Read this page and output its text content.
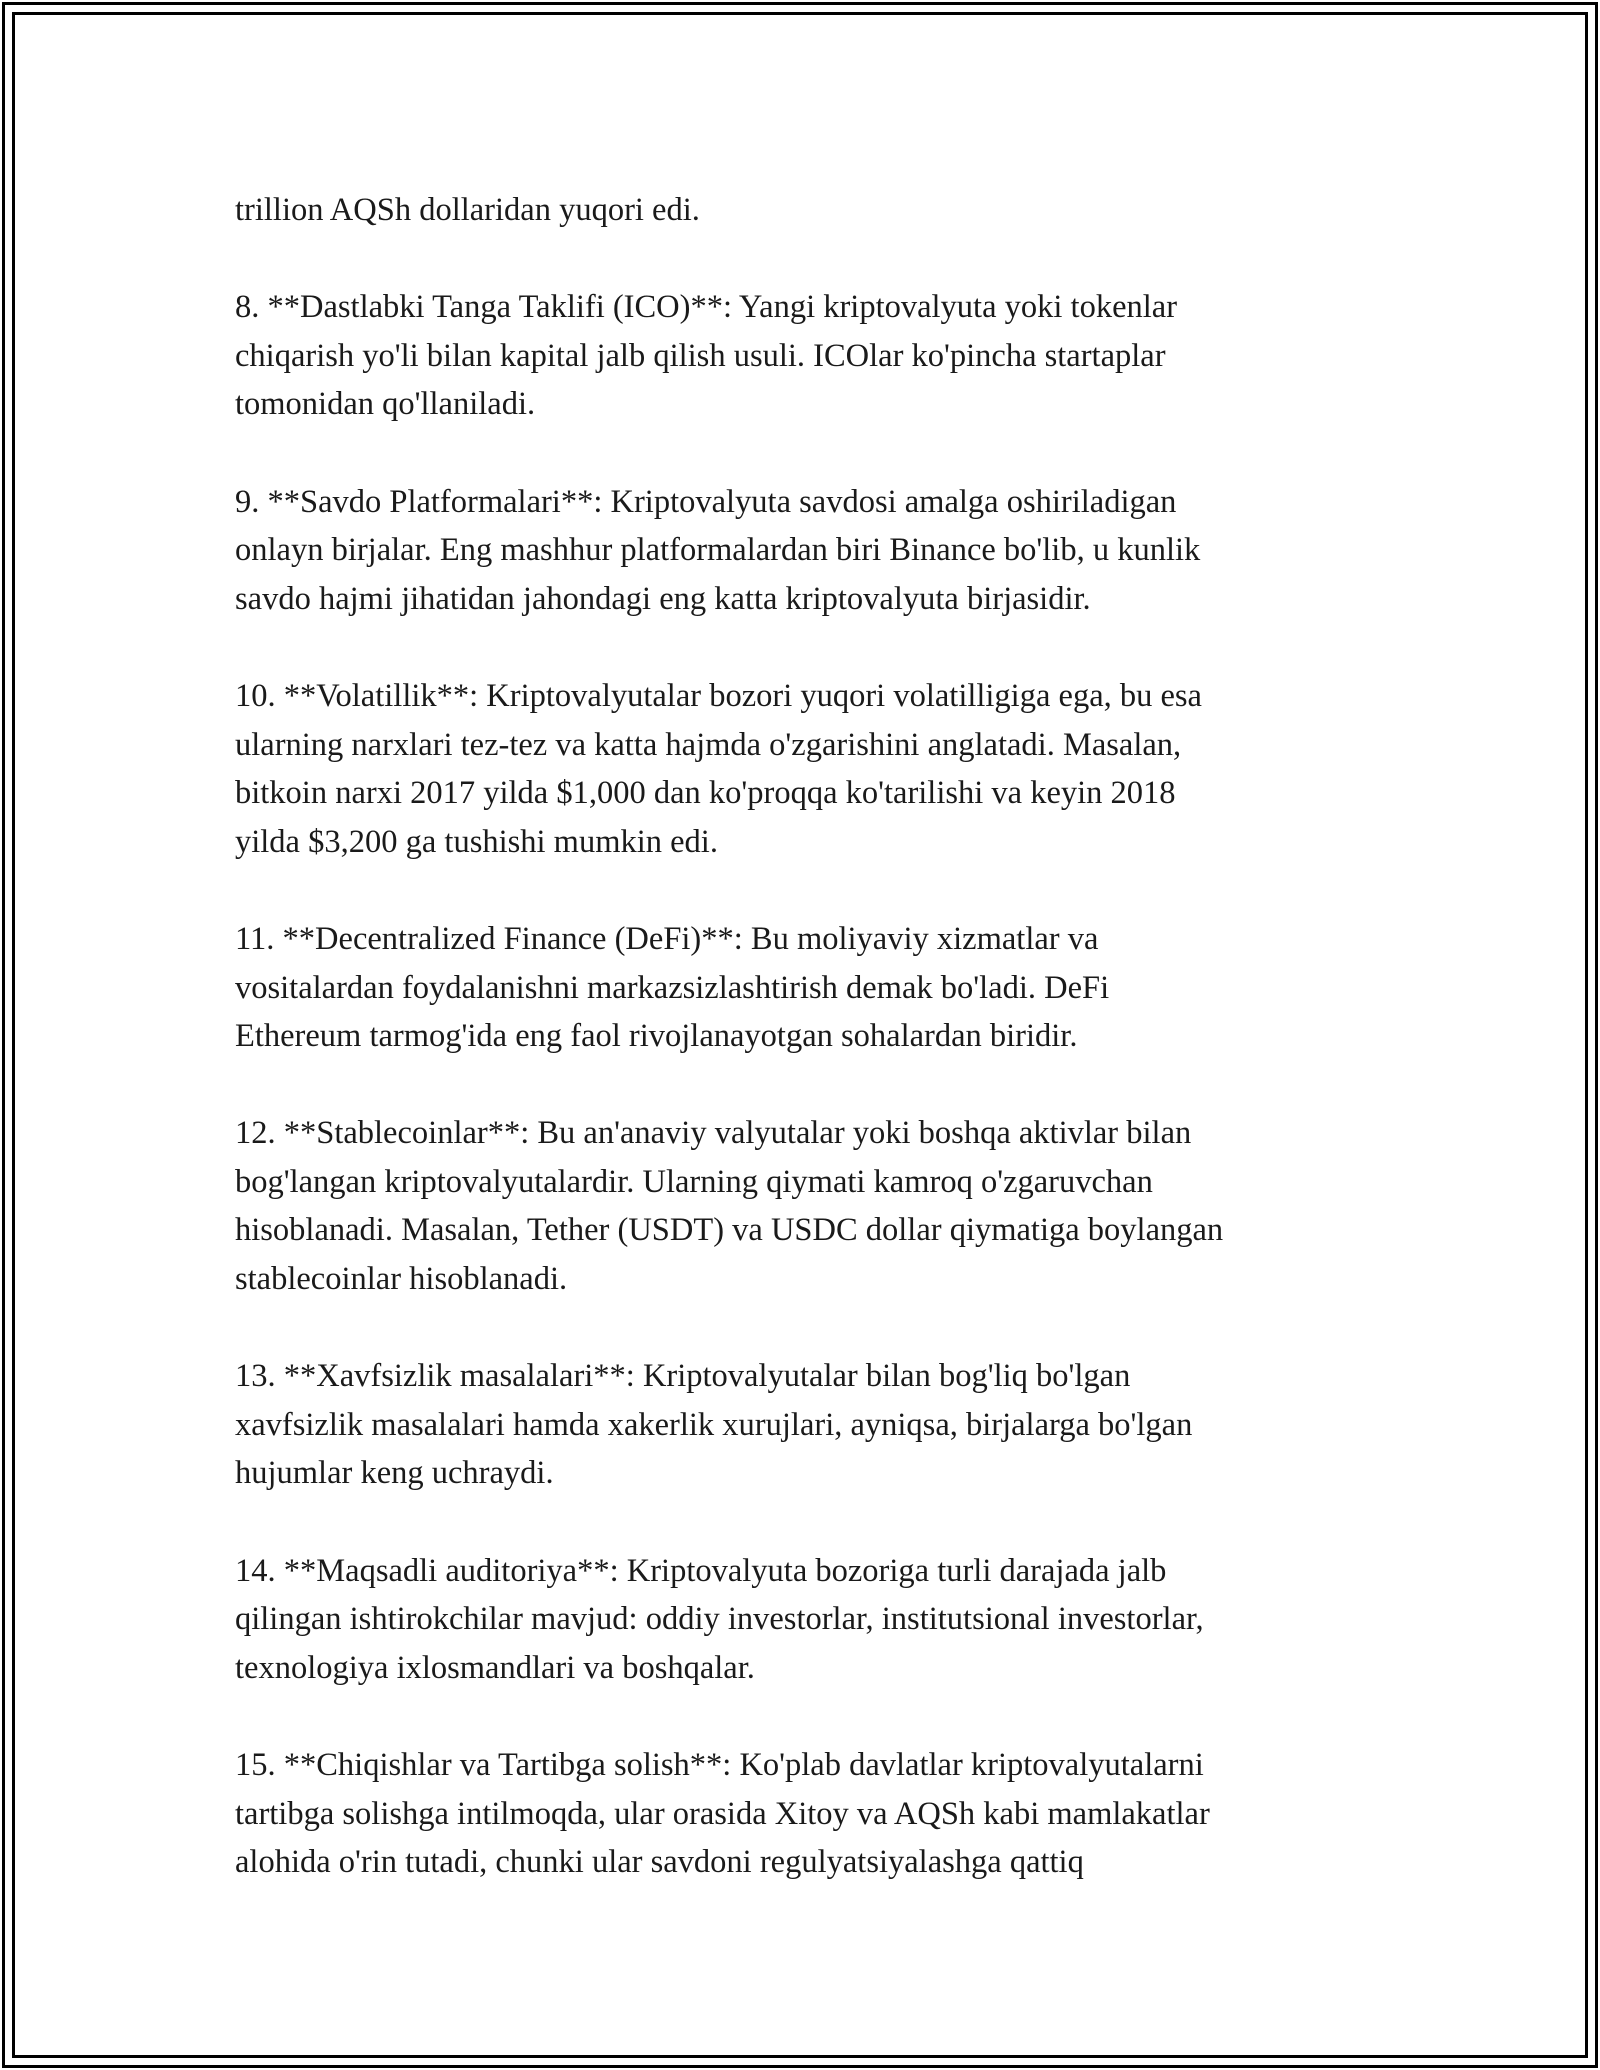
trillion AQSh dollaridan yuqori edi.

8. **Dastlabki Tanga Taklifi (ICO)**: Yangi kriptovalyuta yoki tokenlar
chiqarish yo'li bilan kapital jalb qilish usuli. ICOlar ko'pincha startaplar
tomonidan qo'llaniladi.

9. **Savdo Platformalari**: Kriptovalyuta savdosi amalga oshiriladigan
onlayn birjalar. Eng mashhur platformalardan biri Binance bo'lib, u kunlik
savdo hajmi jihatidan jahondagi eng katta kriptovalyuta birjasidir.

10. **Volatillik**: Kriptovalyutalar bozori yuqori volatilligiga ega, bu esa
ularning narxlari tez-tez va katta hajmda o'zgarishini anglatadi. Masalan,
bitkoin narxi 2017 yilda $1,000 dan ko'proqqa ko'tarilishi va keyin 2018
yilda $3,200 ga tushishi mumkin edi.

11. **Decentralized Finance (DeFi)**: Bu moliyaviy xizmatlar va
vositalardan foydalanishni markazsizlashtirish demak bo'ladi. DeFi
Ethereum tarmog'ida eng faol rivojlanayotgan sohalardan biridir.

12. **Stablecoinlar**: Bu an'anaviy valyutalar yoki boshqa aktivlar bilan
bog'langan kriptovalyutalardir. Ularning qiymati kamroq o'zgaruvchan
hisoblanadi. Masalan, Tether (USDT) va USDC dollar qiymatiga boylangan
stablecoinlar hisoblanadi.

13. **Xavfsizlik masalalari**: Kriptovalyutalar bilan bog'liq bo'lgan
xavfsizlik masalalari hamda xakerlik xurujlari, ayniqsa, birjalarga bo'lgan
hujumlar keng uchraydi.

14. **Maqsadli auditoriya**: Kriptovalyuta bozoriga turli darajada jalb
qilingan ishtirokchilar mavjud: oddiy investorlar, institutsional investorlar,
texnologiya ixlosmandlari va boshqalar.

15. **Chiqishlar va Tartibga solish**: Ko'plab davlatlar kriptovalyutalarni
tartibga solishga intilmoqda, ular orasida Xitoy va AQSh kabi mamlakatlar
alohida o'rin tutadi, chunki ular savdoni regulyatsiyalashga qattiq
